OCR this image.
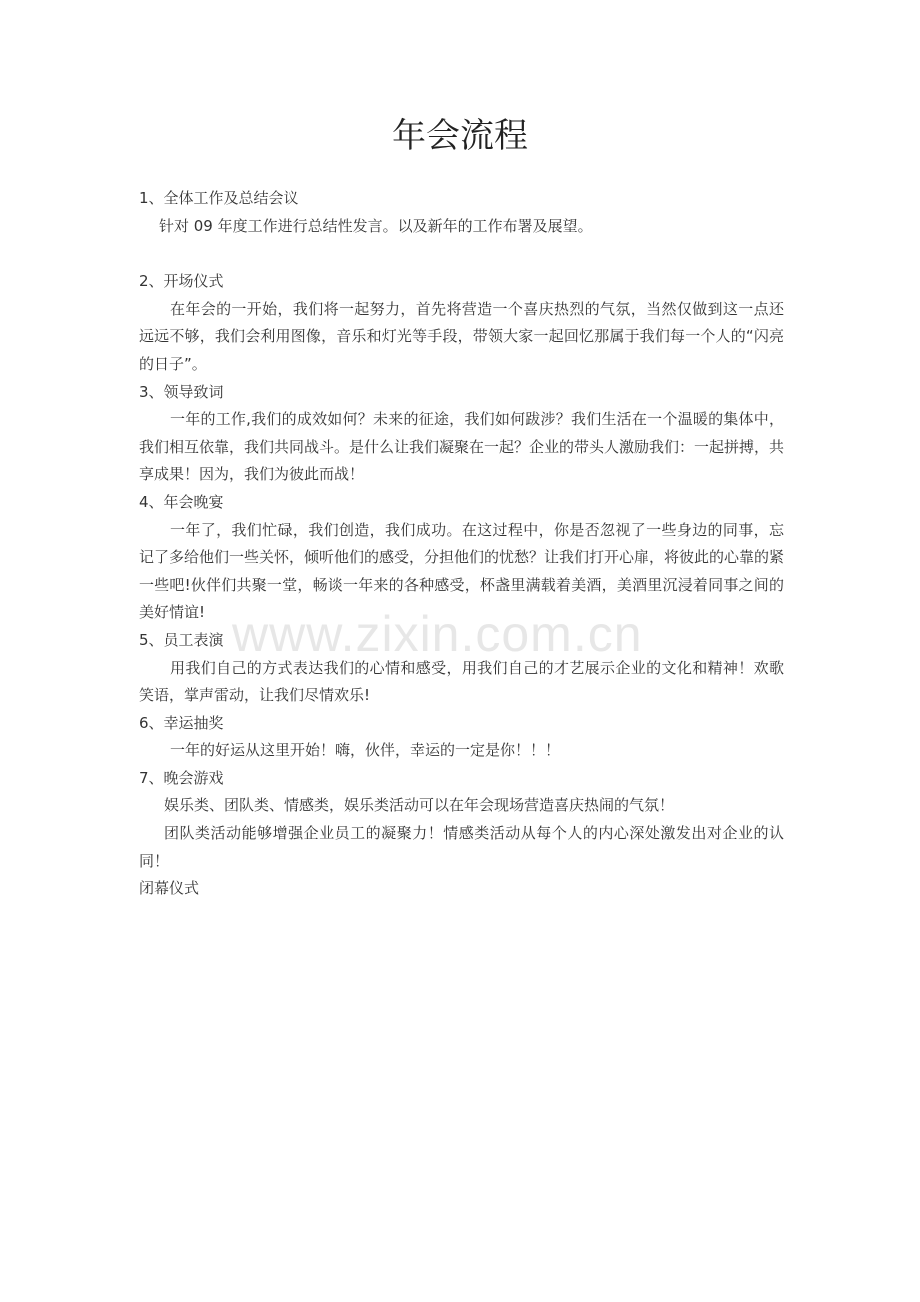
年会流程

1、全体工作及总结会议

针对 09 年度工作进行总结性发言。以及新年的工作布署及展望。

2、开场仪式

在年会的一开始，我们将一起努力，首先将营造一个喜庆热烈的气氛，当然仅做到这一点还远远不够，我们会利用图像，音乐和灯光等手段，带领大家一起回忆那属于我们每一个人的“闪亮的日子”。

3、领导致词

一年的工作,我们的成效如何？未来的征途，我们如何跋涉？我们生活在一个温暖的集体中，我们相互依靠，我们共同战斗。是什么让我们凝聚在一起？企业的带头人激励我们：一起拼搏，共享成果！因为，我们为彼此而战！

4、年会晚宴

一年了，我们忙碌，我们创造，我们成功。在这过程中，你是否忽视了一些身边的同事，忘记了多给他们一些关怀，倾听他们的感受，分担他们的忧愁？让我们打开心扉，将彼此的心靠的紧一些吧!伙伴们共聚一堂，畅谈一年来的各种感受，杯盏里满载着美酒，美酒里沉浸着同事之间的美好情谊!

5、员工表演

用我们自己的方式表达我们的心情和感受，用我们自己的才艺展示企业的文化和精神！欢歌笑语，掌声雷动，让我们尽情欢乐!

6、幸运抽奖

一年的好运从这里开始！嗨，伙伴，幸运的一定是你！！！

7、晚会游戏

娱乐类、团队类、情感类，娱乐类活动可以在年会现场营造喜庆热闹的气氛！

团队类活动能够增强企业员工的凝聚力！情感类活动从每个人的内心深处激发出对企业的认同！

闭幕仪式

www.zixin.com.cn
